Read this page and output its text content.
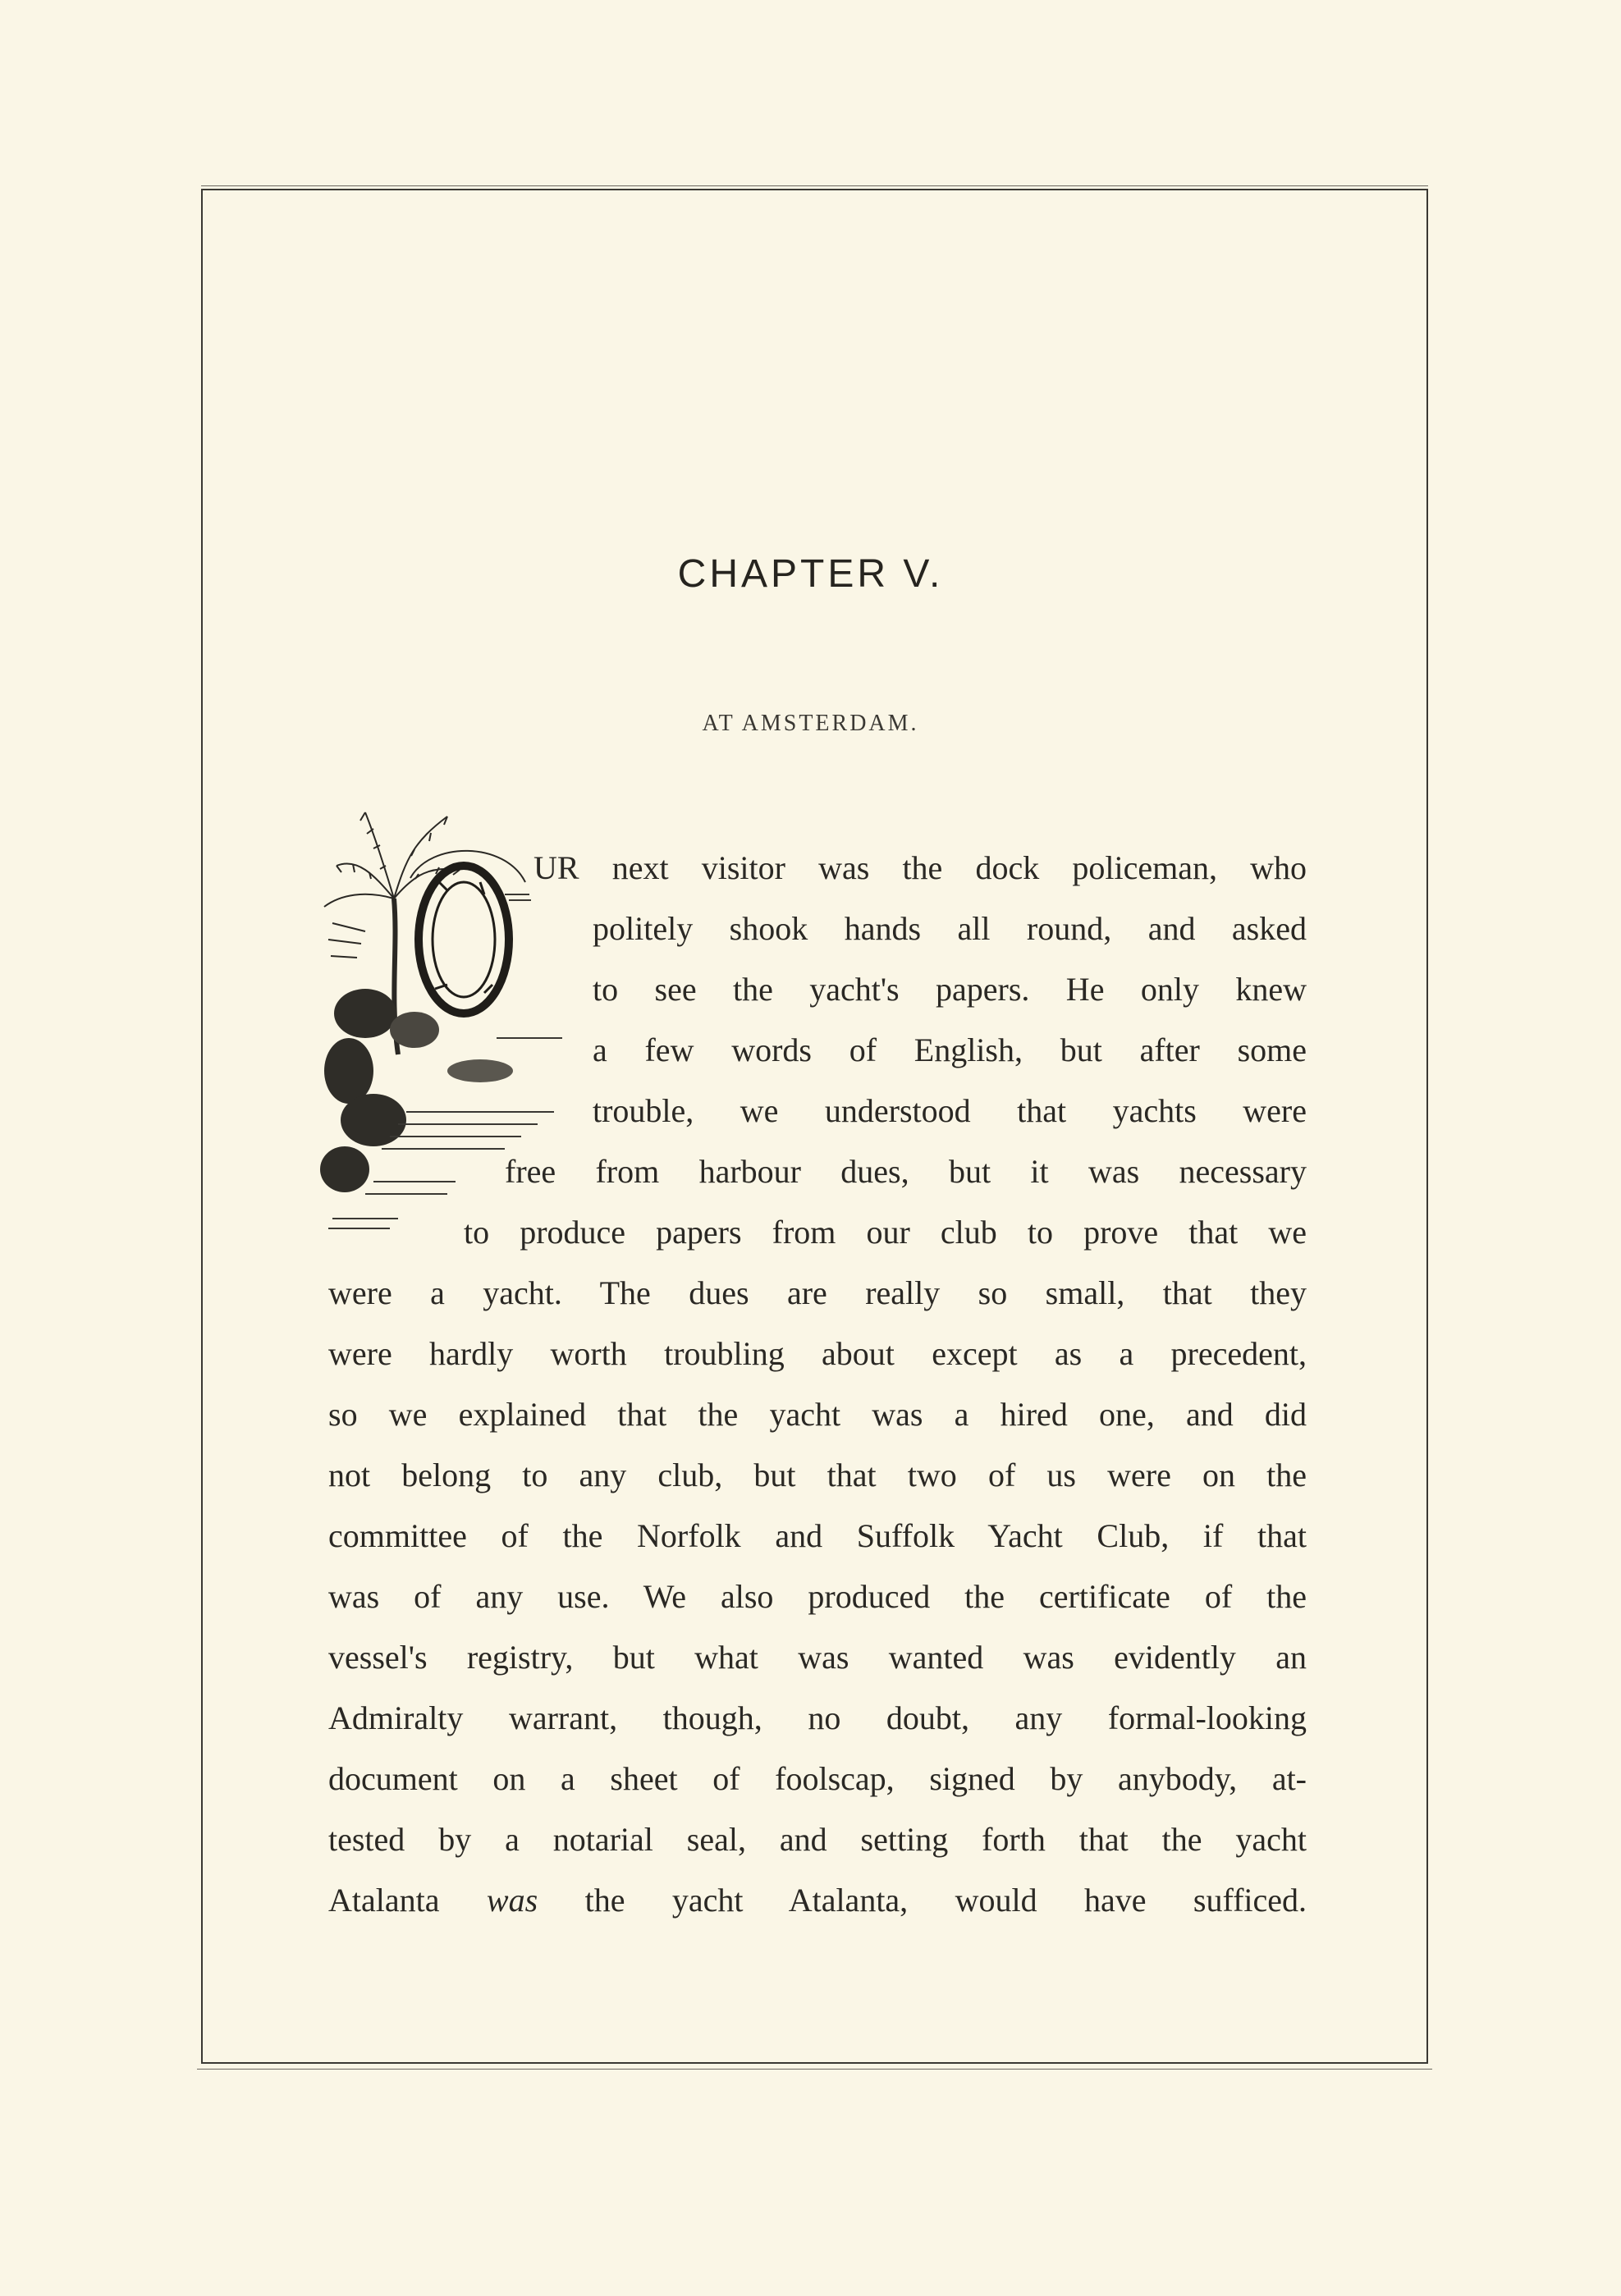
CHAPTER V.
AT AMSTERDAM.
UR next visitor was the dock policeman, who
politely shook hands all round, and asked
to see the yacht's papers. He only knew
a few words of English, but after some
trouble, we understood that yachts were
free from harbour dues, but it was necessary
to produce papers from our club to prove that we
were a yacht. The dues are really so small, that they
were hardly worth troubling about except as a precedent,
so we explained that the yacht was a hired one, and did
not belong to any club, but that two of us were on the
committee of the Norfolk and Suffolk Yacht Club, if that
was of any use. We also produced the certificate of the
vessel's registry, but what was wanted was evidently an
Admiralty warrant, though, no doubt, any formal-looking
document on a sheet of foolscap, signed by anybody, at-
tested by a notarial seal, and setting forth that the yacht
Atalanta was the yacht Atalanta, would have sufficed.
